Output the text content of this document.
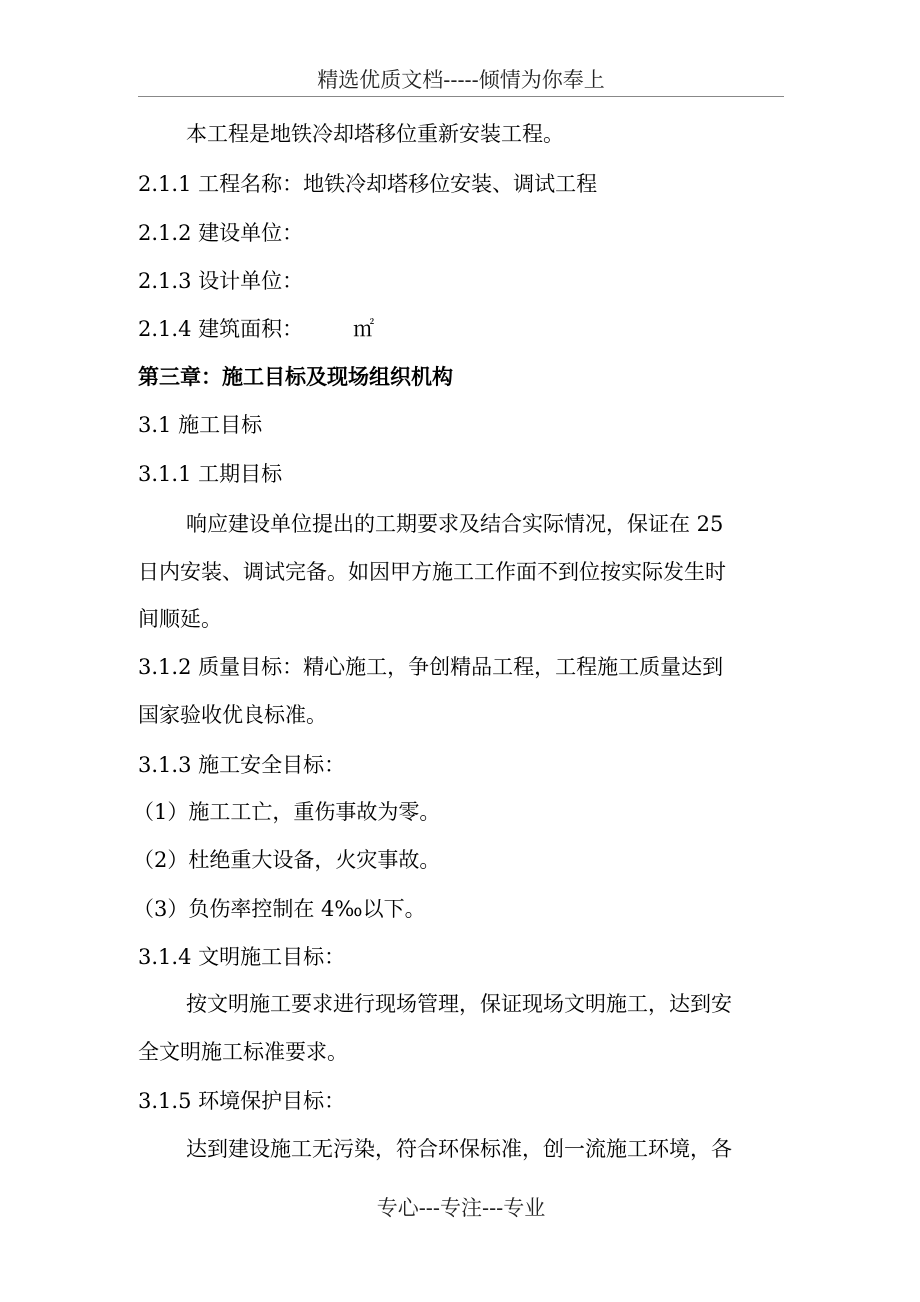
精选优质文档-----倾情为你奉上
本工程是地铁冷却塔移位重新安装工程。
2.1.1 工程名称：地铁冷却塔移位安装、调试工程
2.1.2 建设单位：
2.1.3 设计单位：
2.1.4 建筑面积： ㎡
第三章：施工目标及现场组织机构
3.1 施工目标
3.1.1 工期目标
响应建设单位提出的工期要求及结合实际情况，保证在 25
日内安装、调试完备。如因甲方施工工作面不到位按实际发生时
间顺延。
3.1.2 质量目标：精心施工，争创精品工程，工程施工质量达到
国家验收优良标准。
3.1.3 施工安全目标：
（1）施工工亡，重伤事故为零。
（2）杜绝重大设备，火灾事故。
（3）负伤率控制在 4‰以下。
3.1.4 文明施工目标：
按文明施工要求进行现场管理，保证现场文明施工，达到安
全文明施工标准要求。
3.1.5 环境保护目标：
达到建设施工无污染，符合环保标准，创一流施工环境，各
专心---专注---专业
